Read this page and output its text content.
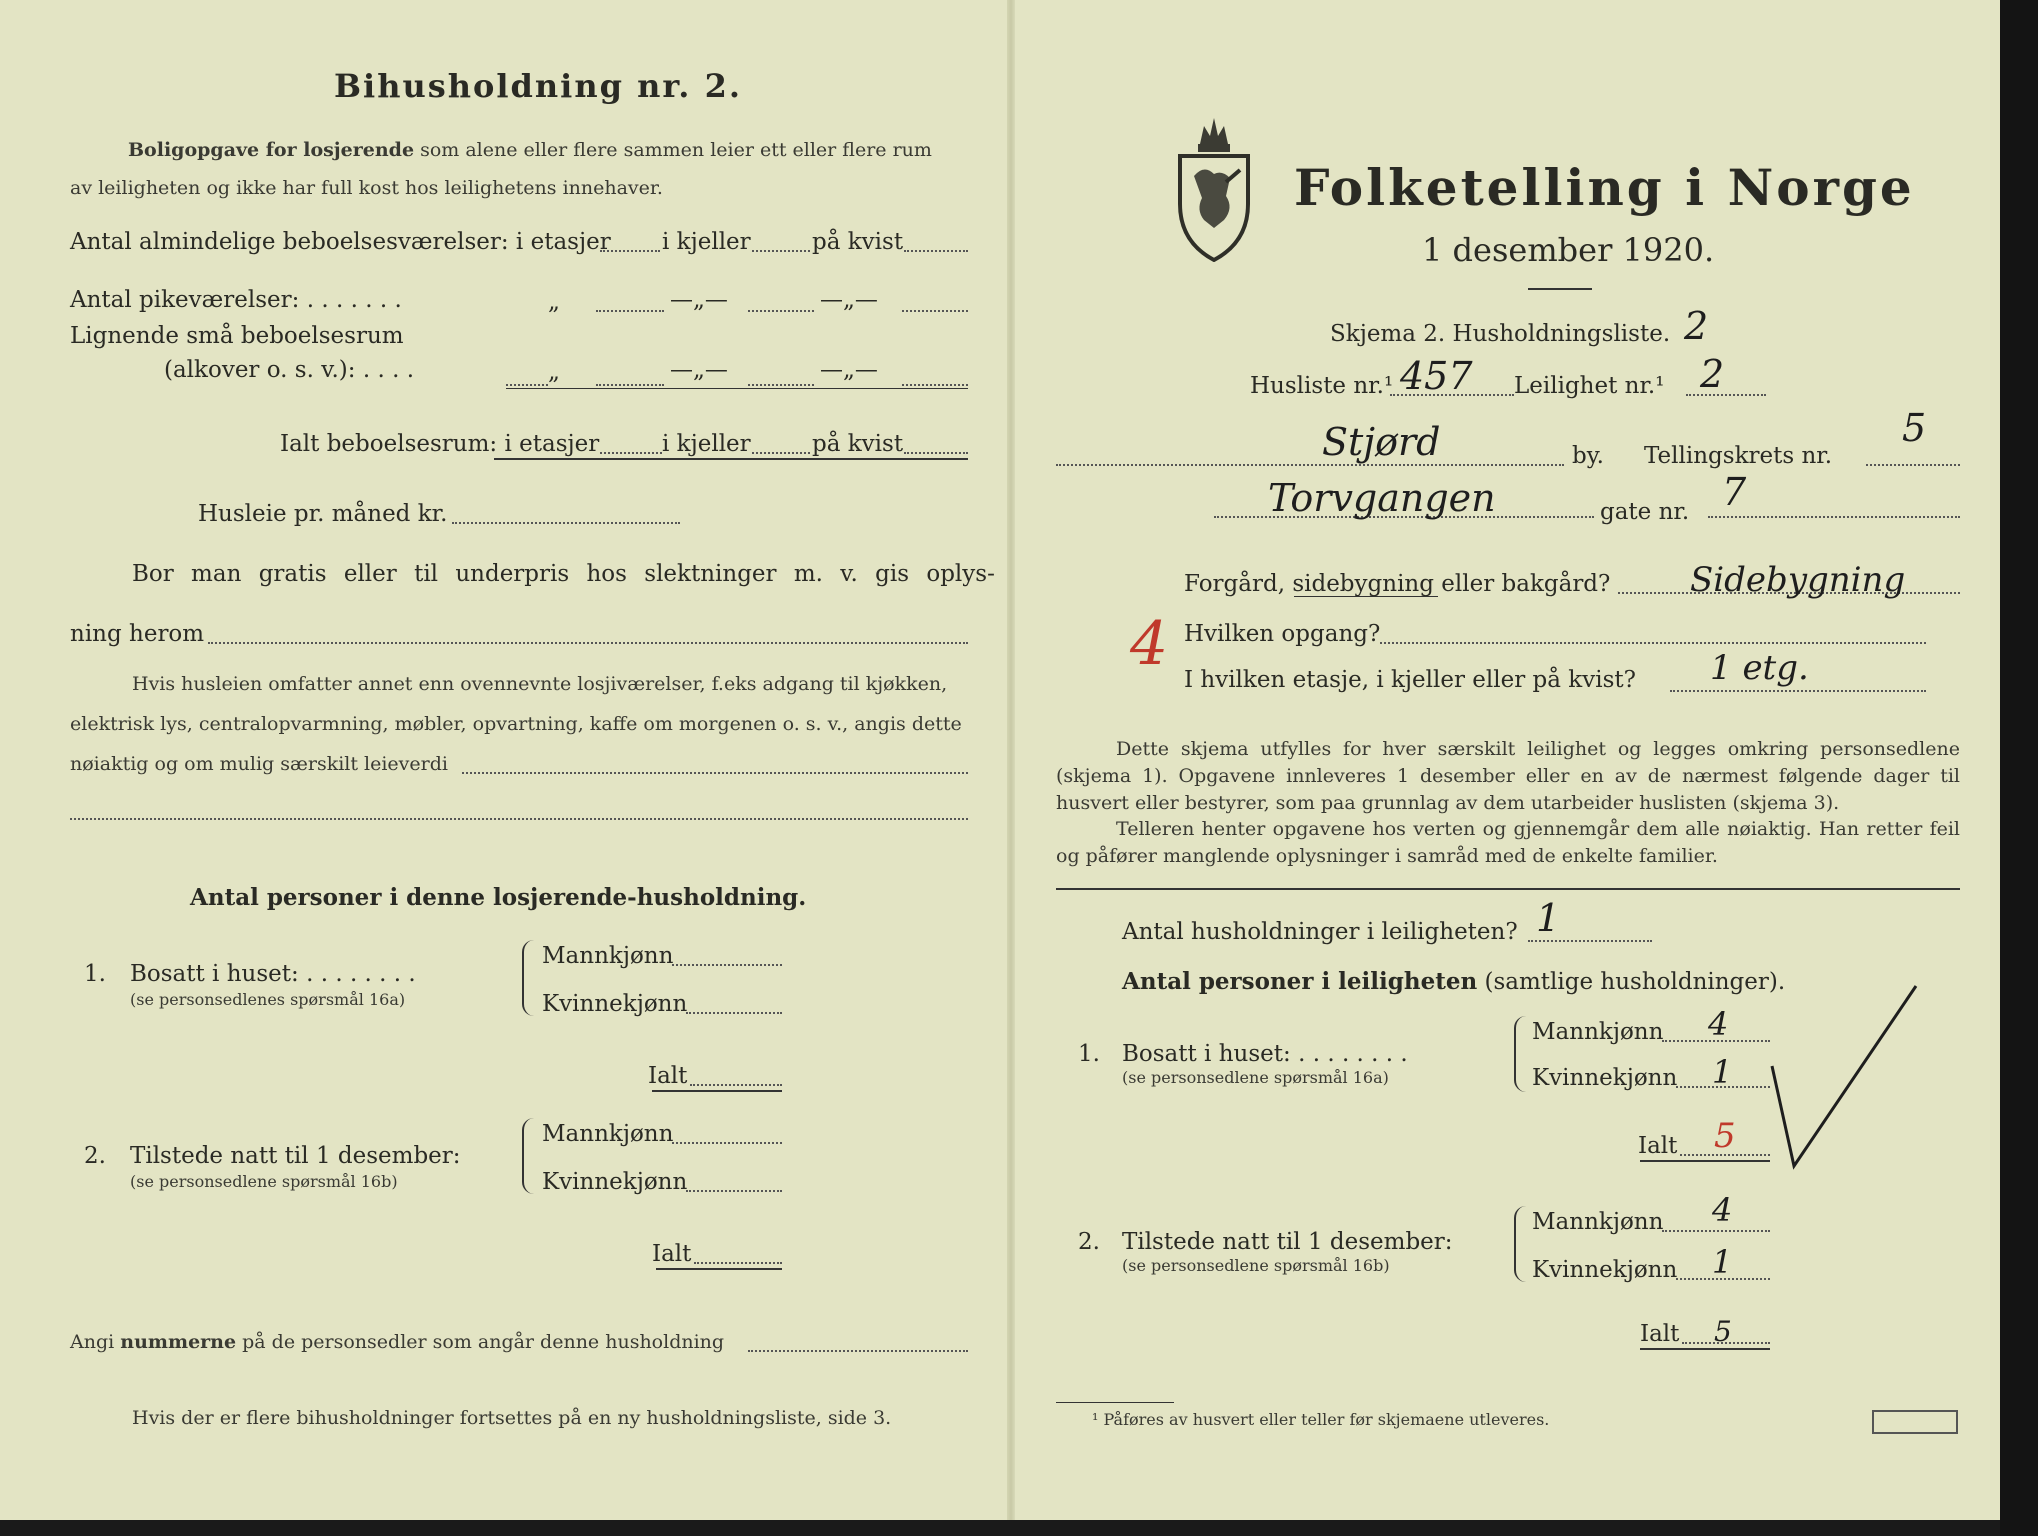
Bihusholdning nr. 2.
Boligopgave for losjerende som alene eller flere sammen leier ett eller flere rum
av leiligheten og ikke har full kost hos leilighetens innehaver.
Antal almindelige beboelsesværelser: i etasjer i kjeller	på kvist
Antal pikeværelser: . . . . . . .	„	—„—	—„—
Lignende små beboelsesrum
(alkover o. s. v.): . . . .	„	—„—	—„—
Ialt beboelsesrum: i etasjer	i kjeller	på kvist
Husleie pr. måned kr.
Bor man gratis eller til underpris hos slektninger m. v. gis oplys-
ning herom
Hvis husleien omfatter annet enn ovennevnte losjiværelser, f.eks adgang til kjøkken,
elektrisk lys, centralopvarmning, møbler, opvartning, kaffe om morgenen o. s. v., angis dette
nøiaktig og om mulig særskilt leieverdi
Antal personer i denne losjerende-husholdning.
1. Bosatt i huset: . . . . . . . .
(se personsedlenes spørsmål 16a)
Mannkjønn
Kvinnekjønn
Ialt
2. Tilstede natt til 1 desember:
(se personsedlene spørsmål 16b)
Mannkjønn
Kvinnekjønn
Ialt
Angi nummerne på de personsedler som angår denne husholdning
Hvis der er flere bihusholdninger fortsettes på en ny husholdningsliste, side 3.
Folketelling i Norge
1 desember 1920.
Skjema 2. Husholdningsliste. 2
Husliste nr.¹ 457 Leilighet nr.¹ 2
Stjørd	by. Tellingskrets nr.
5
Torvgangen	gate nr. 7
Forgård, sidebygning eller bakgård? Sidebygning
4 Hvilken opgang?
I hvilken etasje, i kjeller eller på kvist? 1 etg.
Dette skjema utfylles for hver særskilt leilighet og legges omkring personsedlene (skjema 1). Opgavene innleveres 1 desember eller en av de nærmest følgende dager til husvert eller bestyrer, som paa grunnlag av dem utarbeider huslisten (skjema 3).
Telleren henter opgavene hos verten og gjennemgår dem alle nøiaktig. Han retter feil og påfører manglende oplysninger i samråd med de enkelte familier.
Antal husholdninger i leiligheten? 1
Antal personer i leiligheten (samtlige husholdninger).
1. Bosatt i huset: . . . . . . . .
(se personsedlene spørsmål 16a)
Mannkjønn 4
Kvinnekjønn 1
Ialt 5
2. Tilstede natt til 1 desember:
(se personsedlene spørsmål 16b)
Mannkjønn 4
Kvinnekjønn 1
Ialt 5
¹ Påføres av husvert eller teller før skjemaene utleveres.
